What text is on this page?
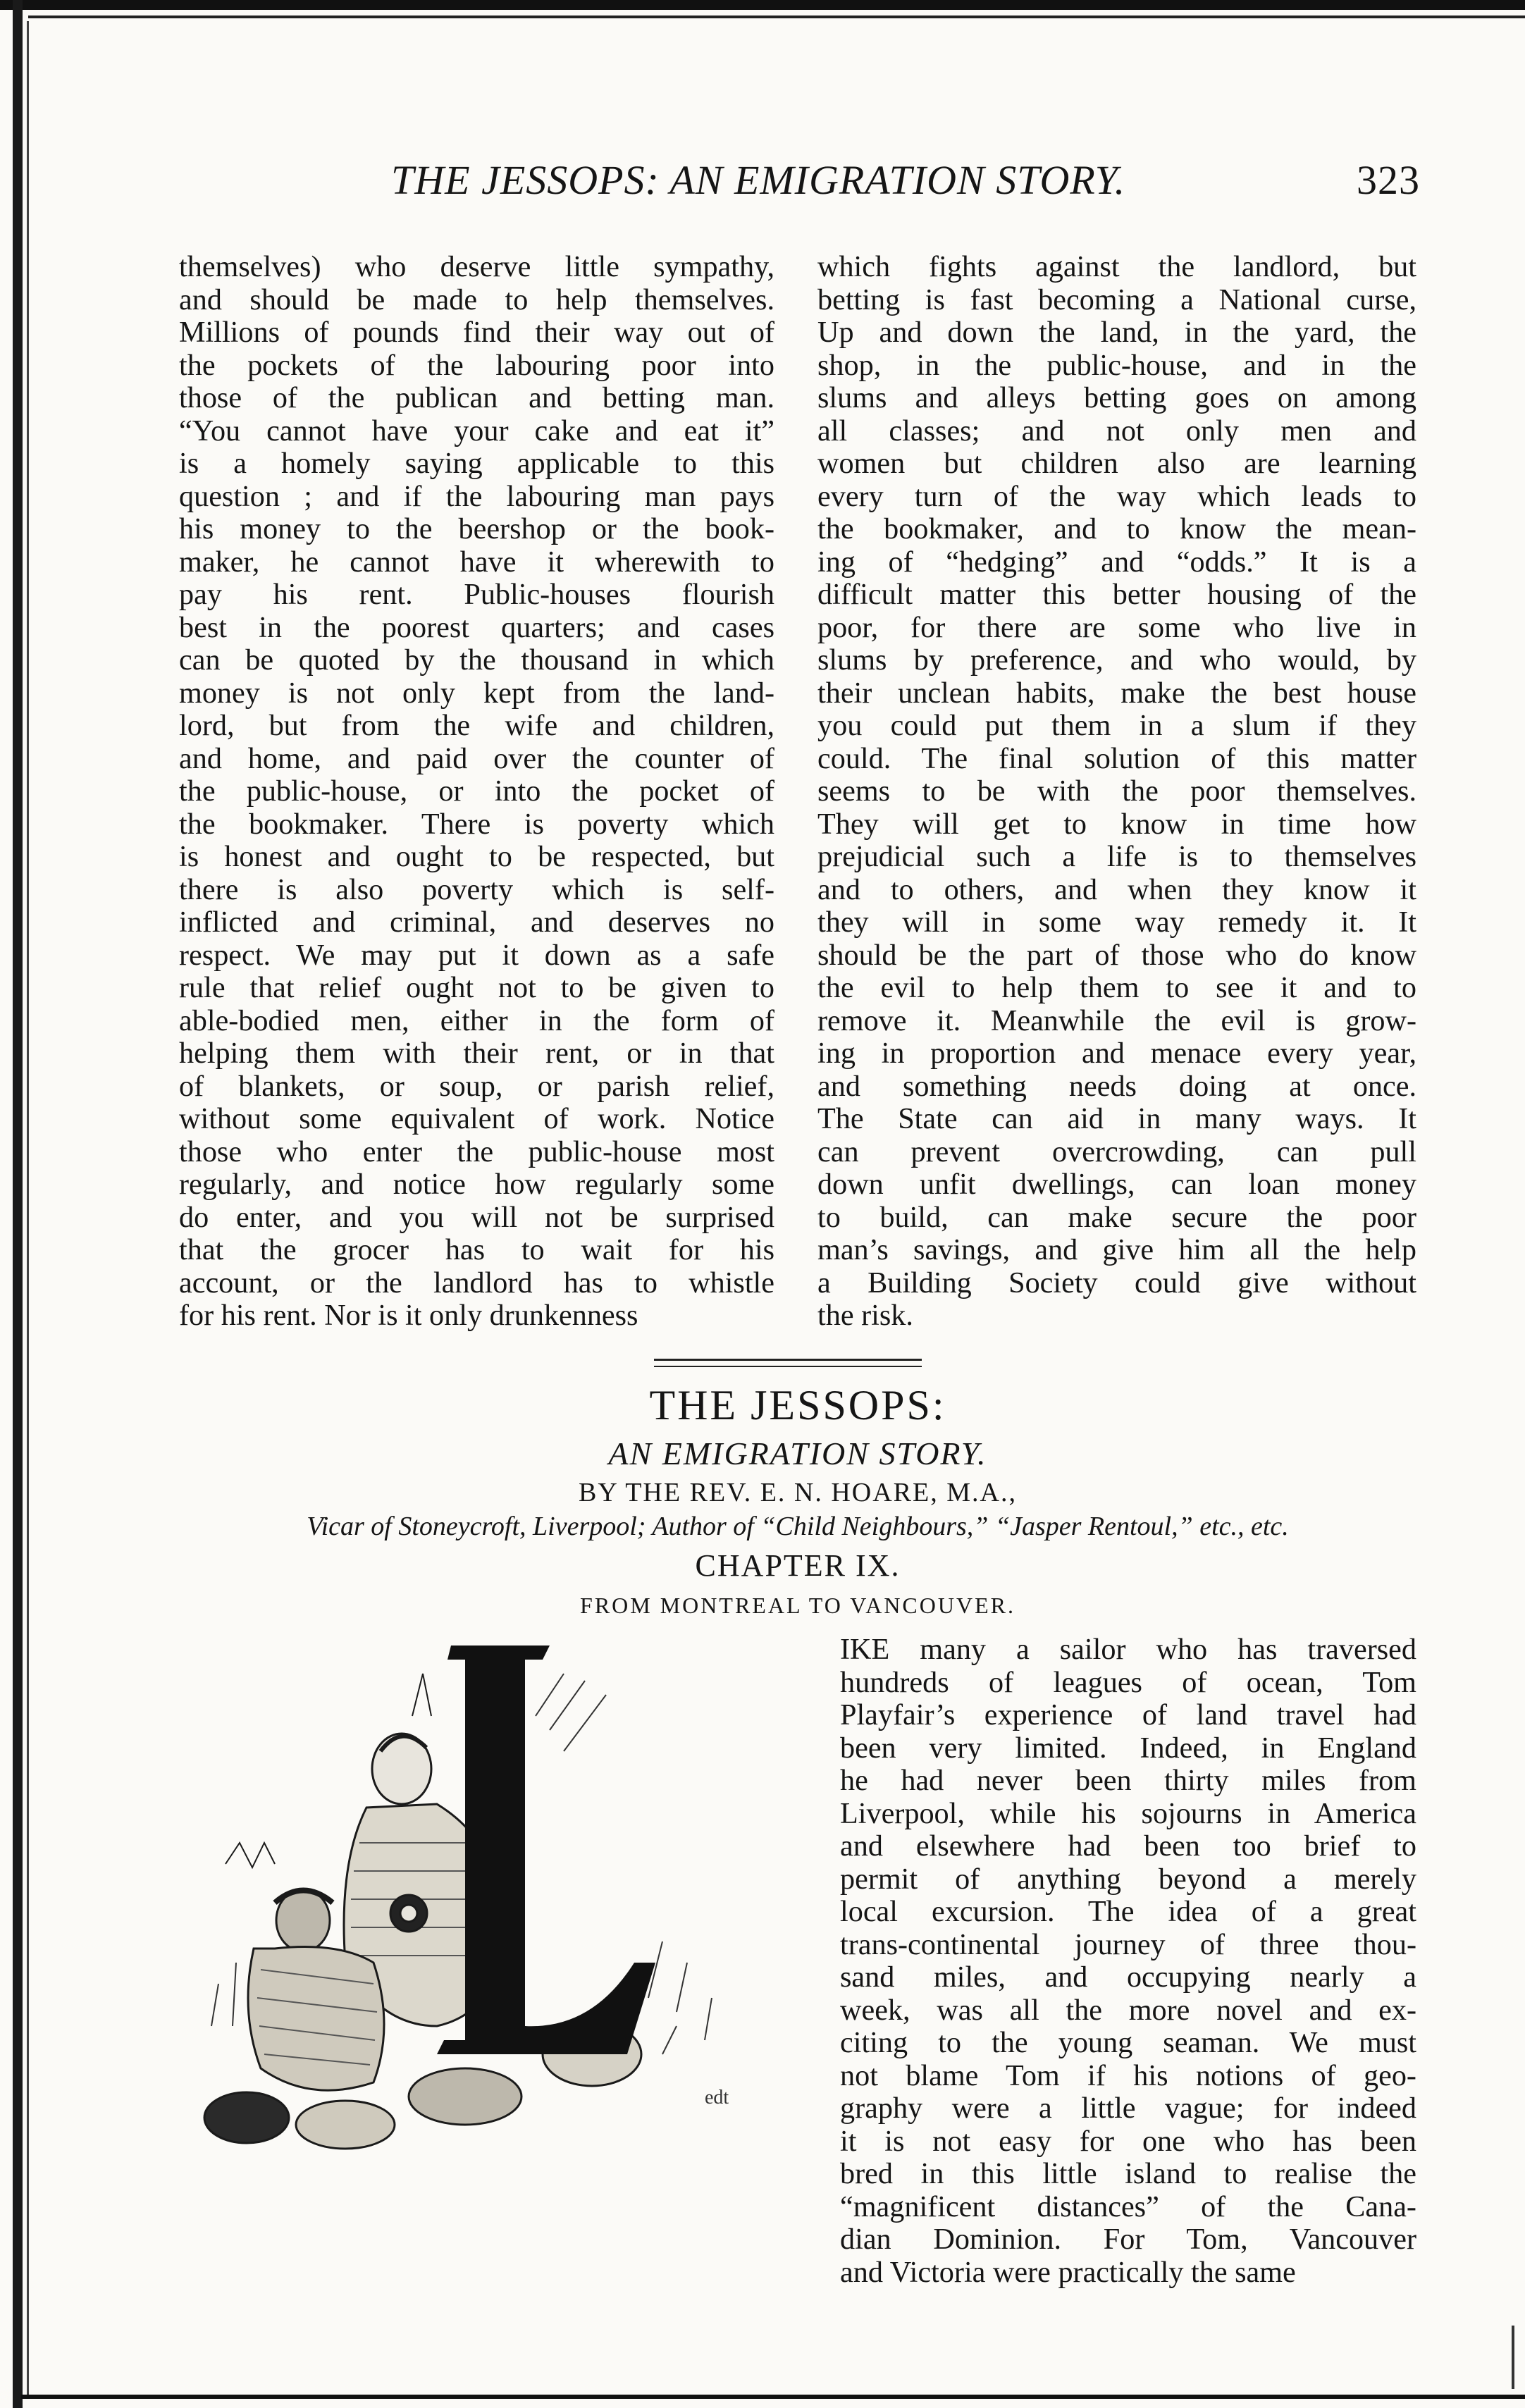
THE JESSOPS: AN EMIGRATION STORY.	323
themselves) who deserve little sympathy,
and should be made to help themselves.
Millions of pounds find their way out of
the pockets of the labouring poor into
those of the publican and betting man.
“You cannot have your cake and eat it”
is a homely saying applicable to this
question ; and if the labouring man pays
his money to the beershop or the book-
maker, he cannot have it wherewith to
pay his rent. Public-houses flourish
best in the poorest quarters; and cases
can be quoted by the thousand in which
money is not only kept from the land-
lord, but from the wife and children,
and home, and paid over the counter of
the public-house, or into the pocket of
the bookmaker. There is poverty which
is honest and ought to be respected, but
there is also poverty which is self-
inflicted and criminal, and deserves no
respect. We may put it down as a safe
rule that relief ought not to be given to
able-bodied men, either in the form of
helping them with their rent, or in that
of blankets, or soup, or parish relief,
without some equivalent of work. Notice
those who enter the public-house most
regularly, and notice how regularly some
do enter, and you will not be surprised
that the grocer has to wait for his
account, or the landlord has to whistle
for his rent. Nor is it only drunkenness
which fights against the landlord, but
betting is fast becoming a National curse,
Up and down the land, in the yard, the
shop, in the public-house, and in the
slums and alleys betting goes on among
all classes; and not only men and
women but children also are learning
every turn of the way which leads to
the bookmaker, and to know the mean-
ing of “hedging” and “odds.” It is a
difficult matter this better housing of the
poor, for there are some who live in
slums by preference, and who would, by
their unclean habits, make the best house
you could put them in a slum if they
could. The final solution of this matter
seems to be with the poor themselves.
They will get to know in time how
prejudicial such a life is to themselves
and to others, and when they know it
they will in some way remedy it. It
should be the part of those who do know
the evil to help them to see it and to
remove it. Meanwhile the evil is grow-
ing in proportion and menace every year,
and something needs doing at once.
The State can aid in many ways. It
can prevent overcrowding, can pull
down unfit dwellings, can loan money
to build, can make secure the poor
man’s savings, and give him all the help
a Building Society could give without
the risk.
THE JESSOPS:
AN EMIGRATION STORY.
BY THE REV. E. N. HOARE, M.A.,
Vicar of Stoneycroft, Liverpool; Author of “Child Neighbours,” “Jasper Rentoul,” etc., etc.
CHAPTER IX.
FROM MONTREAL TO VANCOUVER.
edt
IKE many a sailor who has traversed
hundreds of leagues of ocean, Tom
Playfair’s experience of land travel had
been very limited. Indeed, in England
he had never been thirty miles from
Liverpool, while his sojourns in America
and elsewhere had been too brief to
permit of anything beyond a merely
local excursion. The idea of a great
trans-continental journey of three thou-
sand miles, and occupying nearly a
week, was all the more novel and ex-
citing to the young seaman. We must
not blame Tom if his notions of geo-
graphy were a little vague; for indeed
it is not easy for one who has been
bred in this little island to realise the
“magnificent distances” of the Cana-
dian Dominion. For Tom, Vancouver
and Victoria were practically the same
